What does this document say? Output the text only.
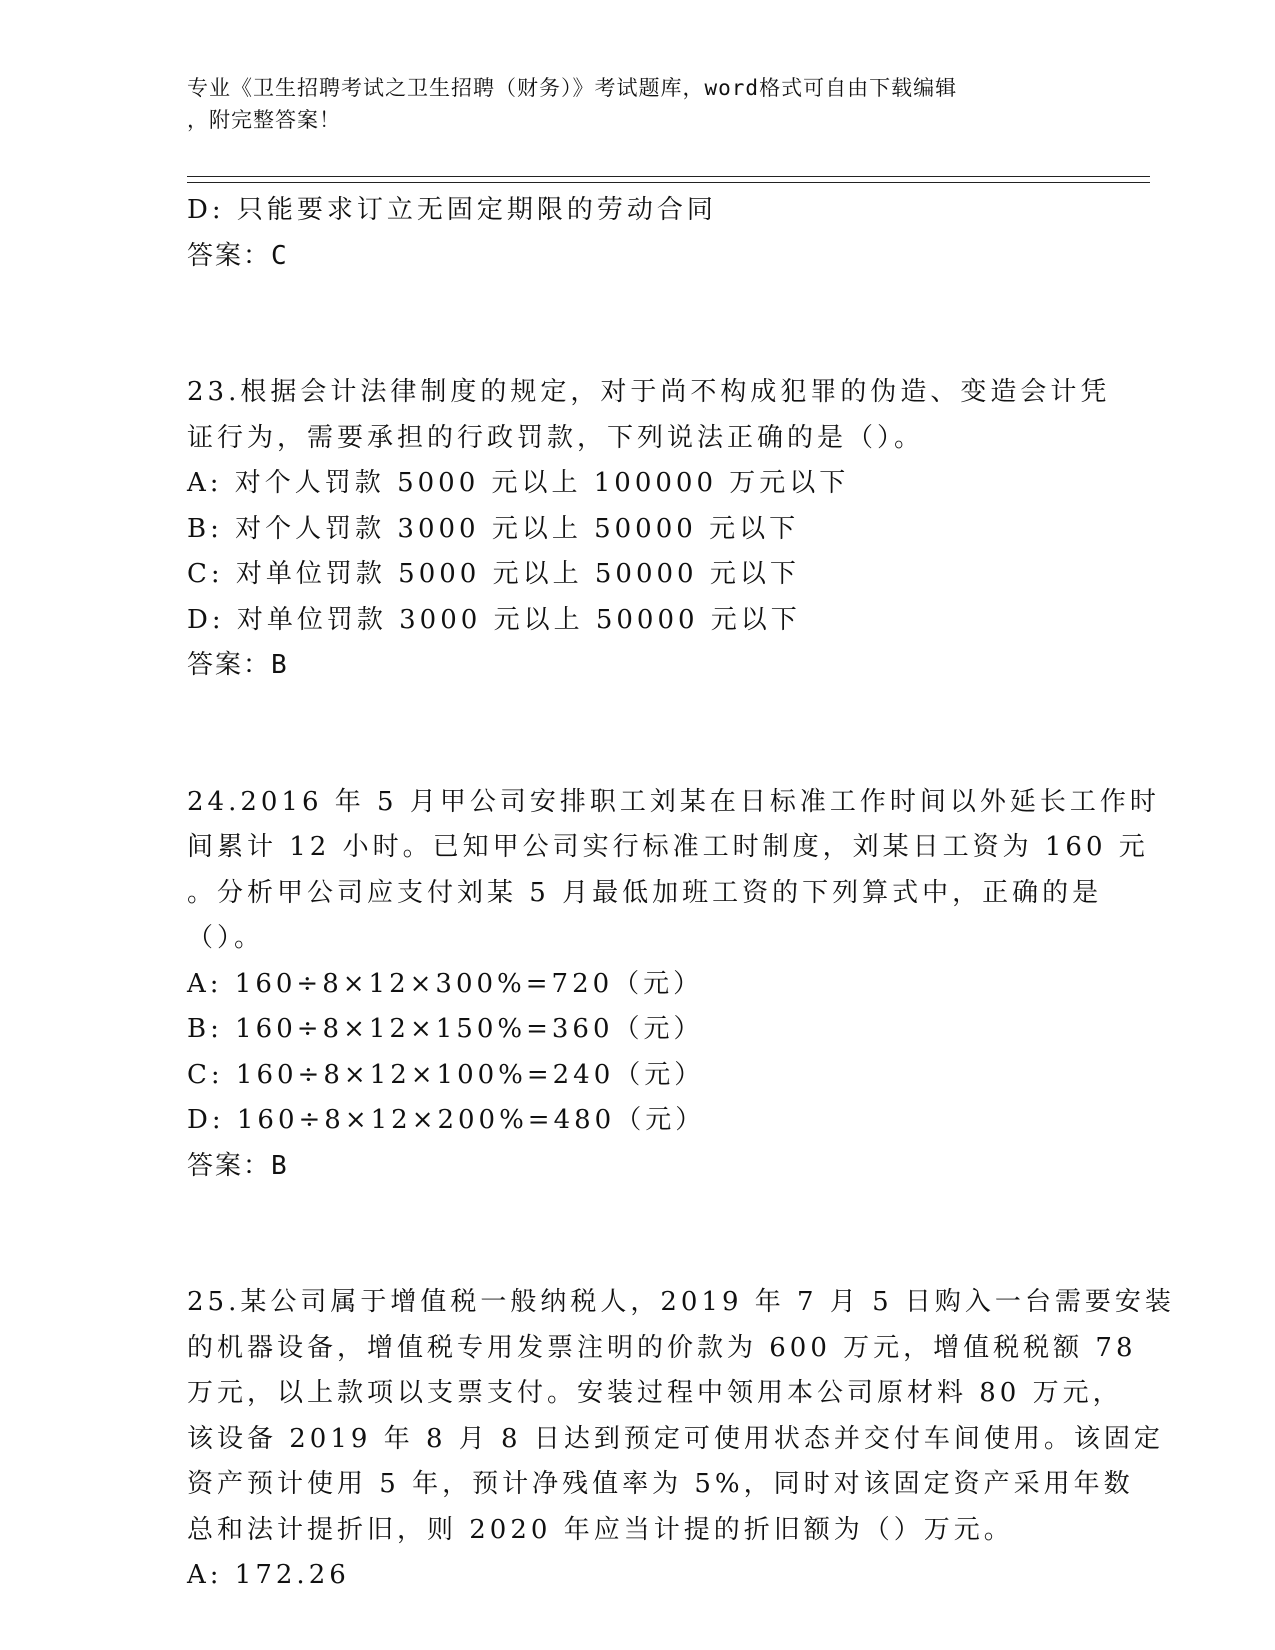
专业《卫生招聘考试之卫生招聘（财务）》考试题库，word格式可自由下载编辑
，附完整答案！
D: 只能要求订立无固定期限的劳动合同
答案：C
23.根据会计法律制度的规定，对于尚不构成犯罪的伪造、变造会计凭
证行为，需要承担的行政罚款，下列说法正确的是（）。
A: 对个人罚款 5000 元以上 100000 万元以下
B: 对个人罚款 3000 元以上 50000 元以下
C: 对单位罚款 5000 元以上 50000 元以下
D: 对单位罚款 3000 元以上 50000 元以下
答案：B
24.2016 年 5 月甲公司安排职工刘某在日标准工作时间以外延长工作时
间累计 12 小时。已知甲公司实行标准工时制度，刘某日工资为 160 元
。分析甲公司应支付刘某 5 月最低加班工资的下列算式中，正确的是
（）。
A: 160÷8×12×300%=720（元）
B: 160÷8×12×150%=360（元）
C: 160÷8×12×100%=240（元）
D: 160÷8×12×200%=480（元）
答案：B
25.某公司属于增值税一般纳税人，2019 年 7 月 5 日购入一台需要安装
的机器设备，增值税专用发票注明的价款为 600 万元，增值税税额 78
万元，以上款项以支票支付。安装过程中领用本公司原材料 80 万元，
该设备 2019 年 8 月 8 日达到预定可使用状态并交付车间使用。该固定
资产预计使用 5 年，预计净残值率为 5%，同时对该固定资产采用年数
总和法计提折旧，则 2020 年应当计提的折旧额为（）万元。
A: 172.26
